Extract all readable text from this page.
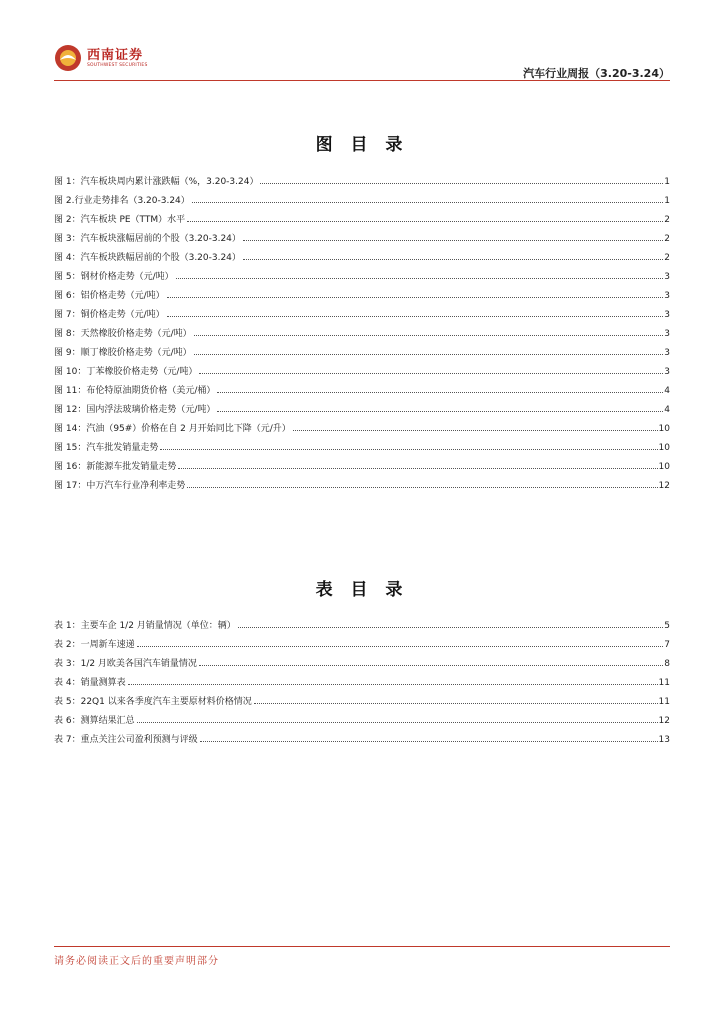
西南证券
SOUTHWEST SECURITIES
汽车行业周报（3.20-3.24）
图 目 录
图 1：汽车板块周内累计涨跌幅（%，3.20-3.24）	1
图 2.行业走势排名（3.20-3.24）	1
图 2：汽车板块 PE（TTM）水平	2
图 3：汽车板块涨幅居前的个股（3.20-3.24）	2
图 4：汽车板块跌幅居前的个股（3.20-3.24）	2
图 5：钢材价格走势（元/吨）	3
图 6：铝价格走势（元/吨）	3
图 7：铜价格走势（元/吨）	3
图 8：天然橡胶价格走势（元/吨）	3
图 9：顺丁橡胶价格走势（元/吨）	3
图 10：丁苯橡胶价格走势（元/吨）	3
图 11：布伦特原油期货价格（美元/桶）	4
图 12：国内浮法玻璃价格走势（元/吨）	4
图 14：汽油（95#）价格在自 2 月开始同比下降（元/升）	10
图 15：汽车批发销量走势	10
图 16：新能源车批发销量走势	10
图 17：中万汽车行业净利率走势	12
表 目 录
表 1：主要车企 1/2 月销量情况（单位：辆）	5
表 2：一周新车速递	7
表 3：1/2 月欧美各国汽车销量情况	8
表 4：销量测算表	11
表 5：22Q1 以来各季度汽车主要原材料价格情况	11
表 6：测算结果汇总	12
表 7：重点关注公司盈利预测与评级	13
请务必阅读正文后的重要声明部分
